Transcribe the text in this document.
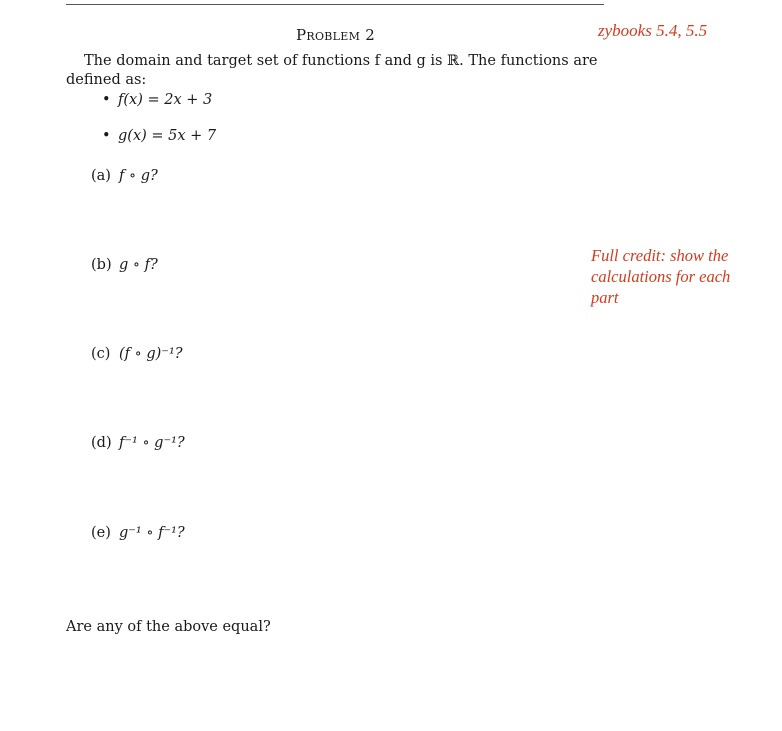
Problem 2	zybooks 5.4, 5.5
The domain and target set of functions f and g is ℝ. The functions are defined as:
• f(x) = 2x + 3
• g(x) = 5x + 7
(a) f ∘ g?
(b) g ∘ f?
(c) (f ∘ g)⁻¹?
(d) f⁻¹ ∘ g⁻¹?
(e) g⁻¹ ∘ f⁻¹?
Full credit: show the calculations for each part
Are any of the above equal?
